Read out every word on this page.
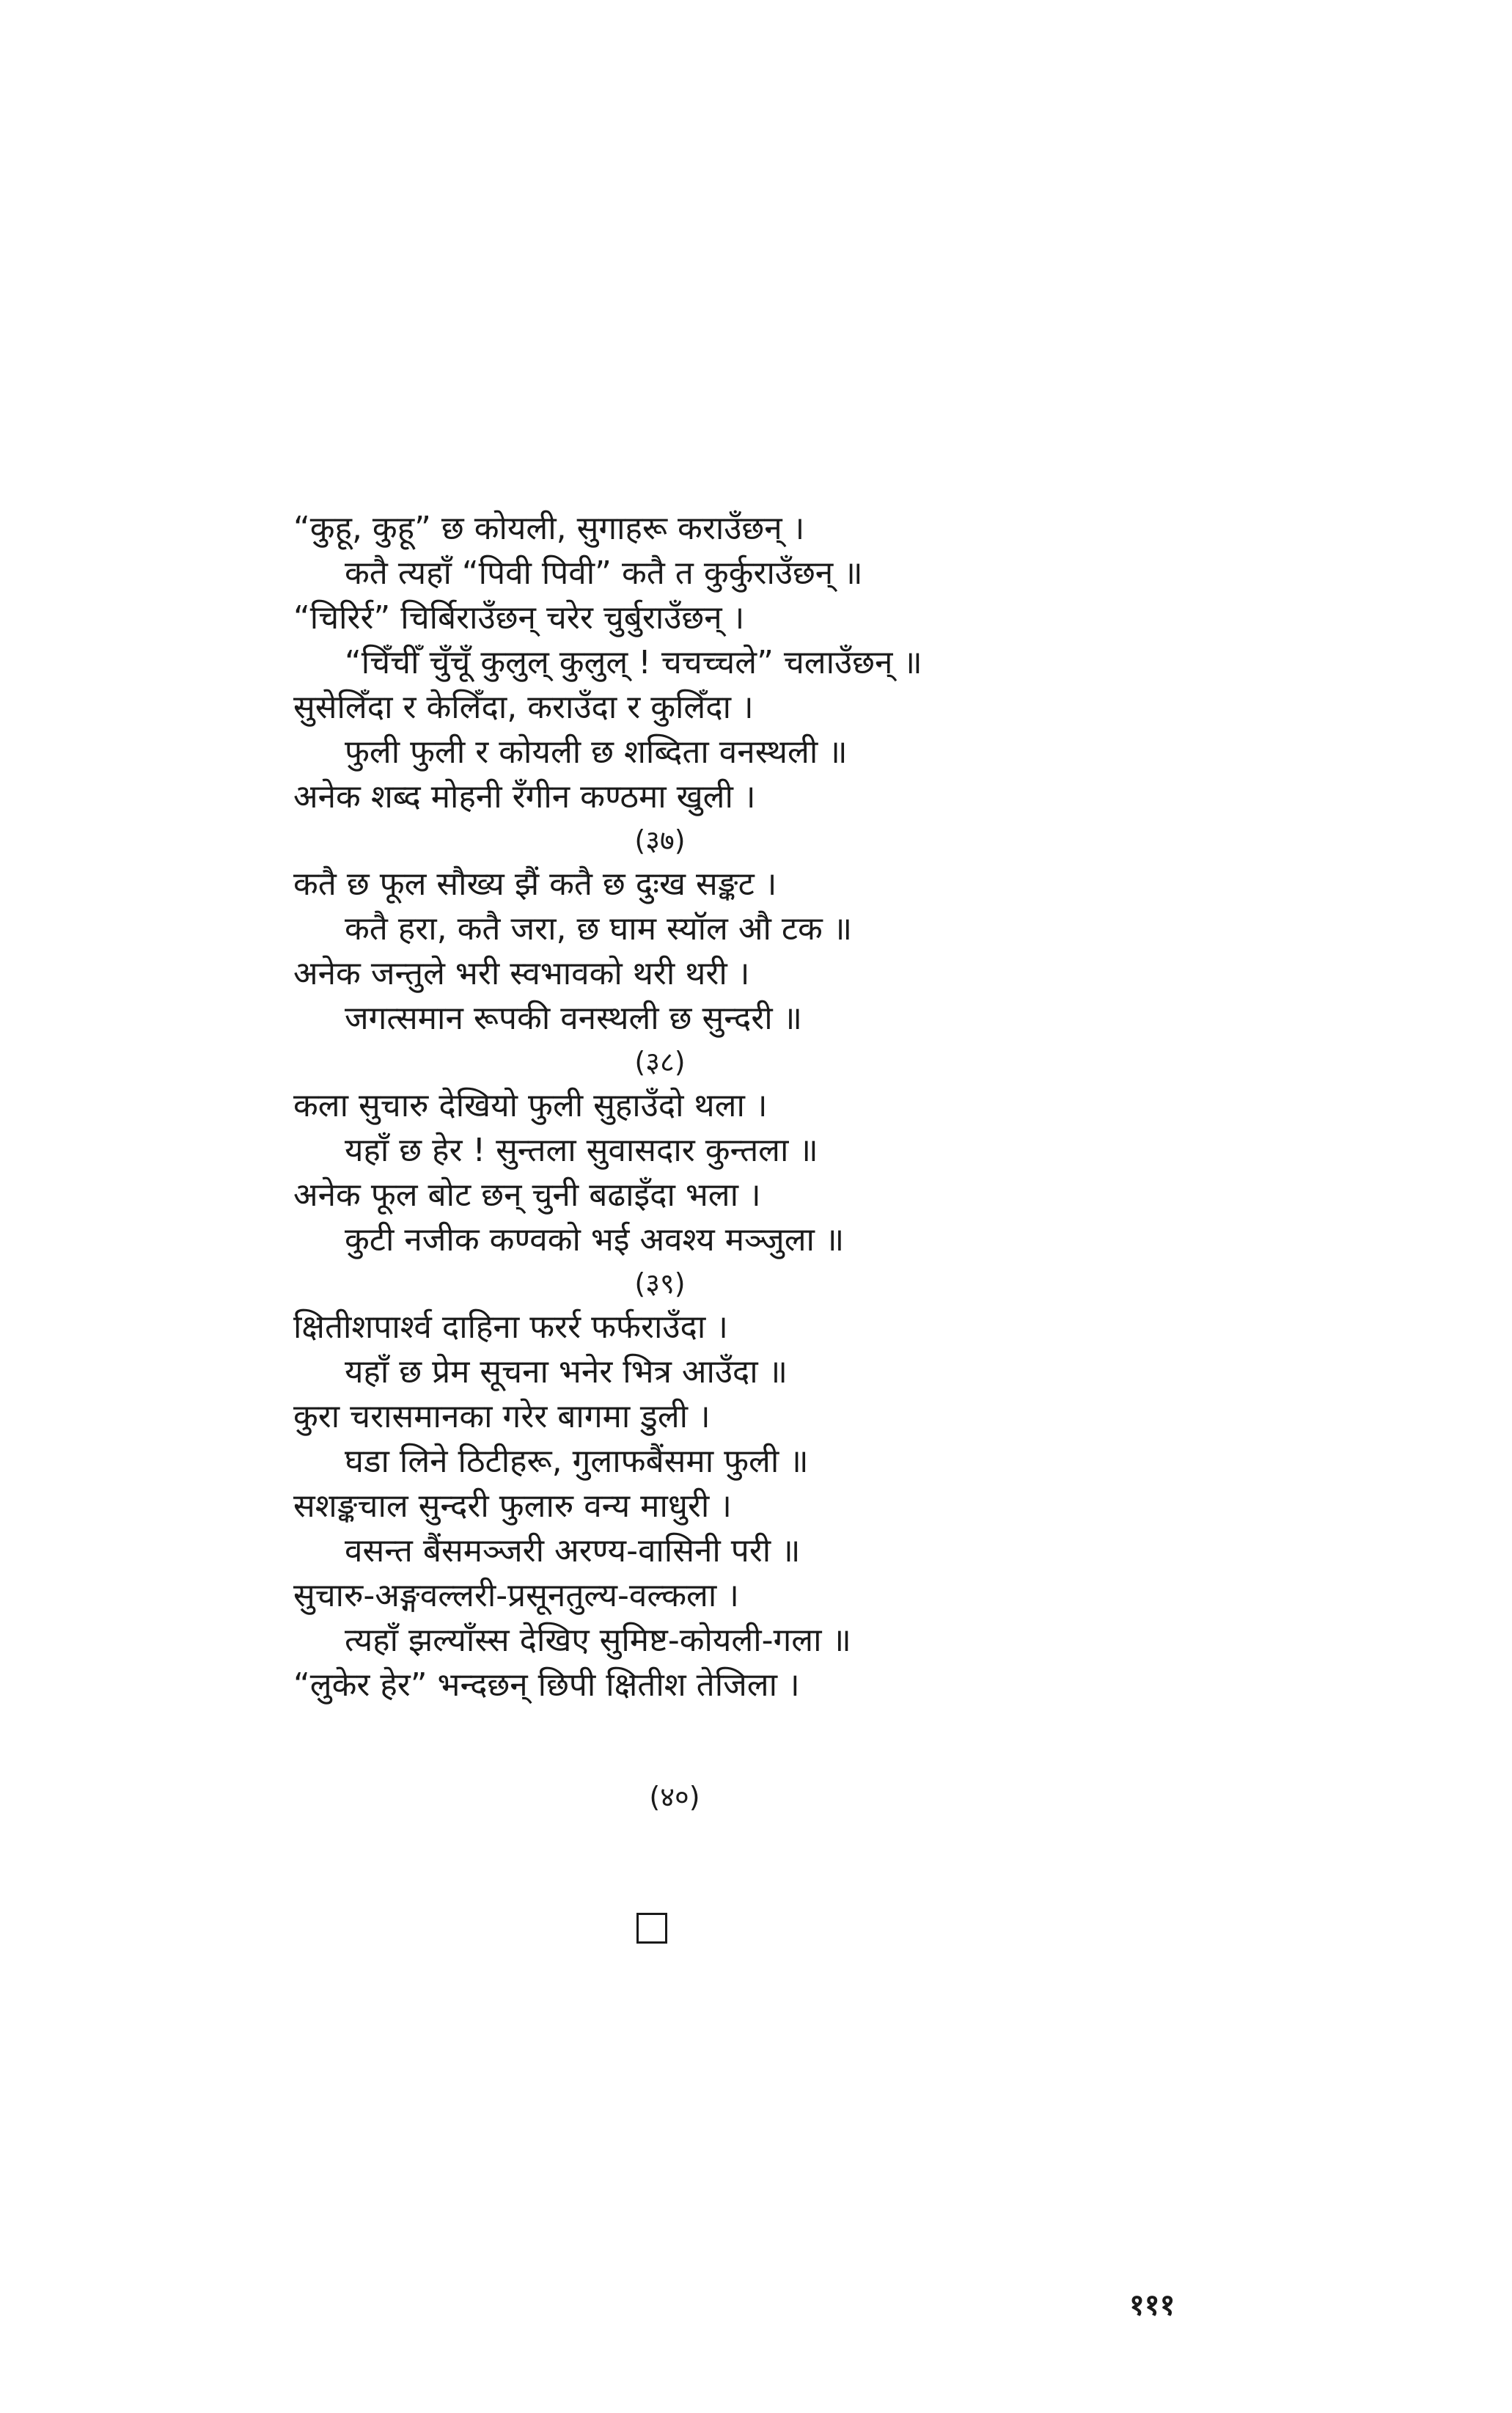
“कुहू, कुहू” छ कोयली, सुगाहरू कराउँछन् ।
कतै त्यहाँ “पिवी पिवी” कतै त कुर्कुराउँछन् ॥
“चिरिर्र” चिर्बिराउँछन् चरेर चुर्बुराउँछन् ।
“चिँचीँ चुँचूँ कुलुल् कुलुल् ! चचच्चले” चलाउँछन् ॥
सुसेलिँदा र केलिँदा, कराउँदा र कुलिँदा ।
फुली फुली र कोयली छ शब्दिता वनस्थली ॥
अनेक शब्द मोहनी रँगीन कण्ठमा खुली ।
(३७)
कतै छ फूल सौख्य झैं कतै छ दुःख सङ्कट ।
कतै हरा, कतै जरा, छ घाम स्यॉल औ टक ॥
अनेक जन्तुले भरी स्वभावको थरी थरी ।
जगत्समान रूपकी वनस्थली छ सुन्दरी ॥
(३८)
कला सुचारु देखियो फुली सुहाउँदो थला ।
यहाँ छ हेर ! सुन्तला सुवासदार कुन्तला ॥
अनेक फूल बोट छन् चुनी बढाइँदा भला ।
कुटी नजीक कण्वको भई अवश्य मञ्जुला ॥
(३९)
क्षितीशपार्श्व दाहिना फरर्र फर्फराउँदा ।
यहाँ छ प्रेम सूचना भनेर भित्र आउँदा ॥
कुरा चरासमानका गरेर बागमा डुली ।
घडा लिने ठिटीहरू, गुलाफबैंसमा फुली ॥
सशङ्कचाल सुन्दरी फुलारु वन्य माधुरी ।
वसन्त बैंसमञ्जरी अरण्य-वासिनी परी ॥
सुचारु-अङ्गवल्लरी-प्रसूनतुल्य-वल्कला ।
त्यहाँ झल्याँस्स देखिए सुमिष्ट-कोयली-गला ॥
“लुकेर हेर” भन्दछन् छिपी क्षितीश तेजिला ।
(४०)
१११
